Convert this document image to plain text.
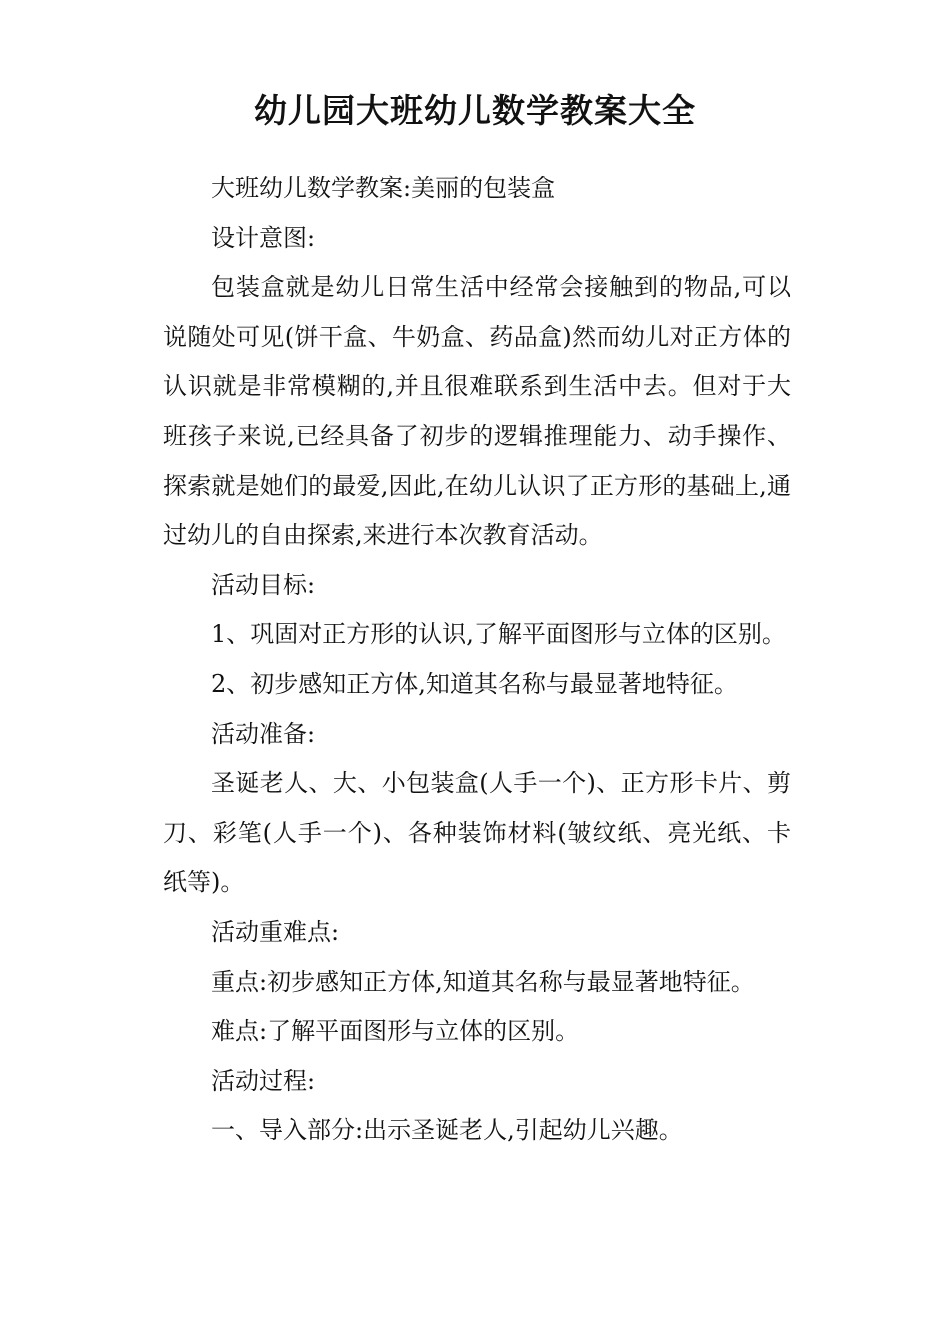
幼儿园大班幼儿数学教案大全

大班幼儿数学教案:美丽的包装盒

设计意图:

包装盒就是幼儿日常生活中经常会接触到的物品,可以说随处可见(饼干盒、牛奶盒、药品盒)然而幼儿对正方体的认识就是非常模糊的,并且很难联系到生活中去。但对于大班孩子来说,已经具备了初步的逻辑推理能力、动手操作、探索就是她们的最爱,因此,在幼儿认识了正方形的基础上,通过幼儿的自由探索,来进行本次教育活动。

活动目标:

1、巩固对正方形的认识,了解平面图形与立体的区别。

2、初步感知正方体,知道其名称与最显著地特征。

活动准备:

圣诞老人、大、小包装盒(人手一个)、正方形卡片、剪刀、彩笔(人手一个)、各种装饰材料(皱纹纸、亮光纸、卡纸等)。

活动重难点:

重点:初步感知正方体,知道其名称与最显著地特征。

难点:了解平面图形与立体的区别。

活动过程:

一、导入部分:出示圣诞老人,引起幼儿兴趣。
